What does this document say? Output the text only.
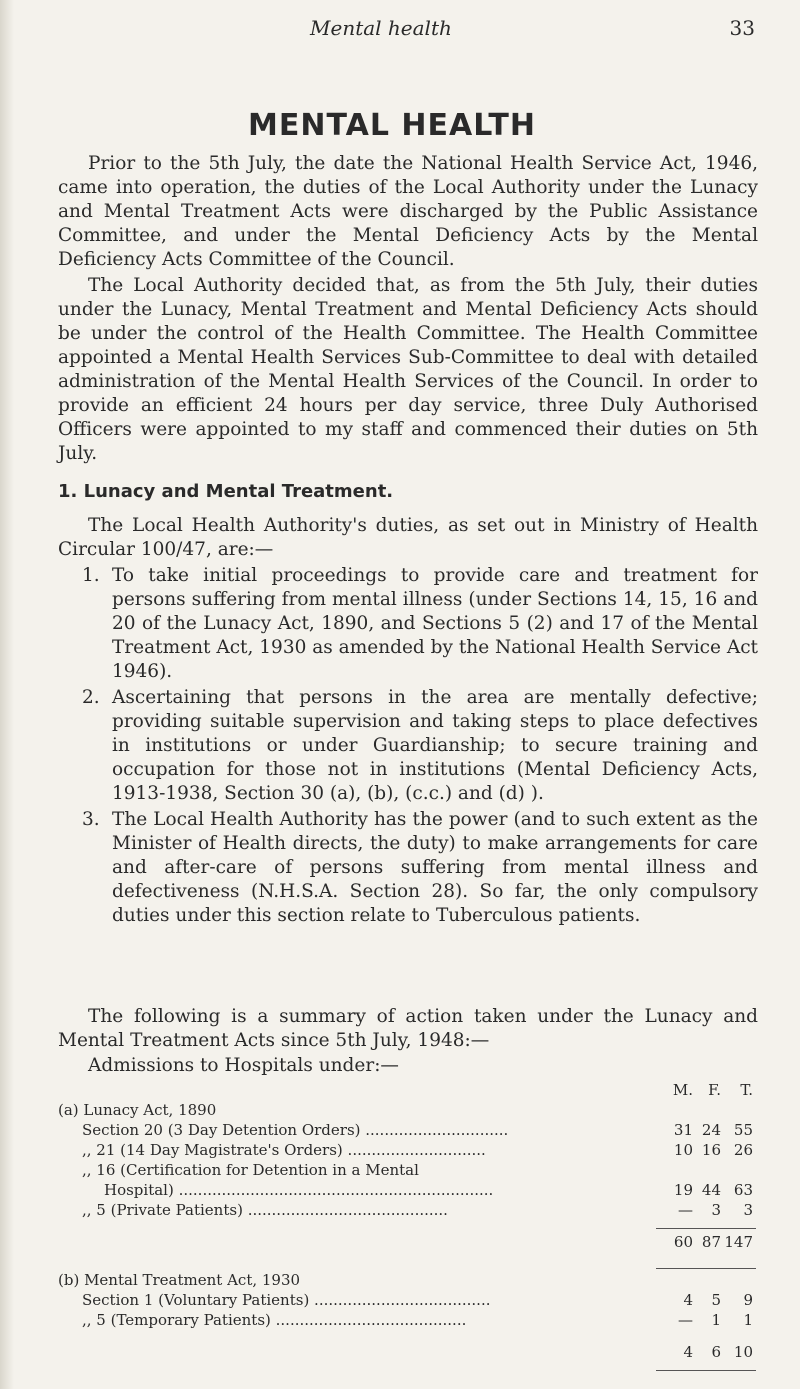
Mental health	33
MENTAL HEALTH

Prior to the 5th July, the date the National Health Service Act, 1946, came into operation, the duties of the Local Authority under the Lunacy and Mental Treatment Acts were discharged by the Public Assistance Committee, and under the Mental Deficiency Acts by the Mental Deficiency Acts Committee of the Council.

The Local Authority decided that, as from the 5th July, their duties under the Lunacy, Mental Treatment and Mental Deficiency Acts should be under the control of the Health Committee. The Health Committee appointed a Mental Health Services Sub-Committee to deal with detailed administration of the Mental Health Services of the Council. In order to provide an efficient 24 hours per day service, three Duly Authorised Officers were appointed to my staff and commenced their duties on 5th July.

1. Lunacy and Mental Treatment.

The Local Health Authority's duties, as set out in Ministry of Health Circular 100/47, are:—

1. To take initial proceedings to provide care and treatment for persons suffering from mental illness (under Sections 14, 15, 16 and 20 of the Lunacy Act, 1890, and Sections 5 (2) and 17 of the Mental Treatment Act, 1930 as amended by the National Health Service Act 1946).
2. Ascertaining that persons in the area are mentally defective; providing suitable supervision and taking steps to place defectives in institutions or under Guardianship; to secure training and occupation for those not in institutions (Mental Deficiency Acts, 1913-1938, Section 30 (a), (b), (c.c.) and (d) ).
3. The Local Health Authority has the power (and to such extent as the Minister of Health directs, the duty) to make arrangements for care and after-care of persons suffering from mental illness and defectiveness (N.H.S.A. Section 28). So far, the only compulsory duties under this section relate to Tuberculous patients.

The following is a summary of action taken under the Lunacy and Mental Treatment Acts since 5th July, 1948:—

Admissions to Hospitals under:—
M.	F.	T.
(a) Lunacy Act, 1890
Section 20 (3 Day Detention Orders) ..............................	31 24 55
,, 21 (14 Day Magistrate's Orders) .............................	10 16 26
,, 16 (Certification for Detention in a Mental
Hospital) ..................................................................	19 44 63
,, 5 (Private Patients) ..........................................	—	3	3
60 87 147
(b) Mental Treatment Act, 1930
Section 1 (Voluntary Patients) .....................................	4	5	9
,, 5 (Temporary Patients) ........................................	—	1	1
4	6 10
